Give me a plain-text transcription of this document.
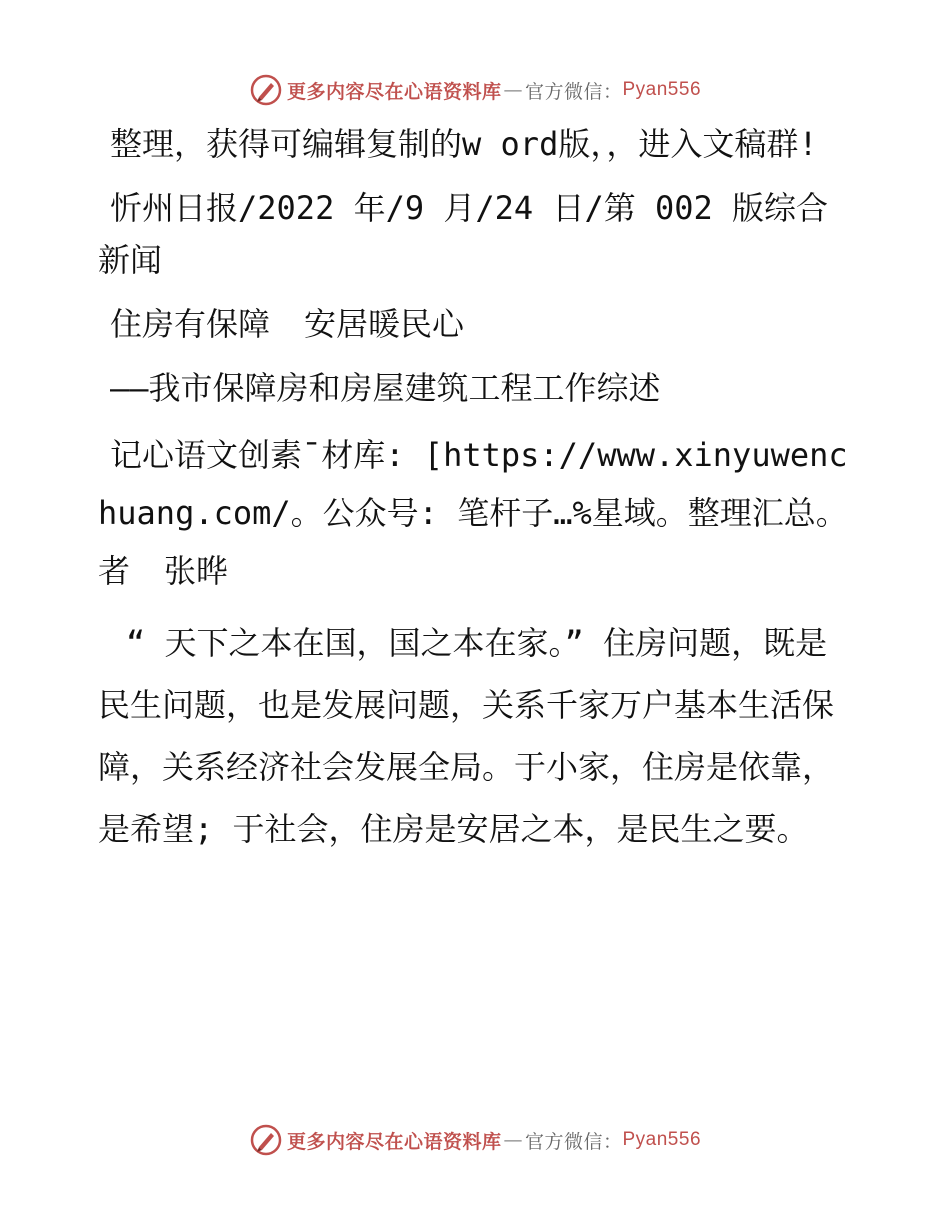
更多内容尽在心语资料库 — 官方微信： Pyan556

整理，获得可编辑复制的w ord版，，进入文稿群!

忻州日报/2022 年/9 月/24 日/第 002 版综合新闻

住房有保障 安居暖民心

——我市保障房和房屋建筑工程工作综述

记心语文创素¯材库: [https://www.xinyuwenchuang.com/。公众号: 笔杆子…%星域。整理汇总。者 张晔

“ 天下之本在国，国之本在家。” 住房问题，既是民生问题，也是发展问题，关系千家万户基本生活保障，关系经济社会发展全局。于小家，住房是依靠，是希望; 于社会，住房是安居之本，是民生之要。

更多内容尽在心语资料库 — 官方微信： Pyan556
